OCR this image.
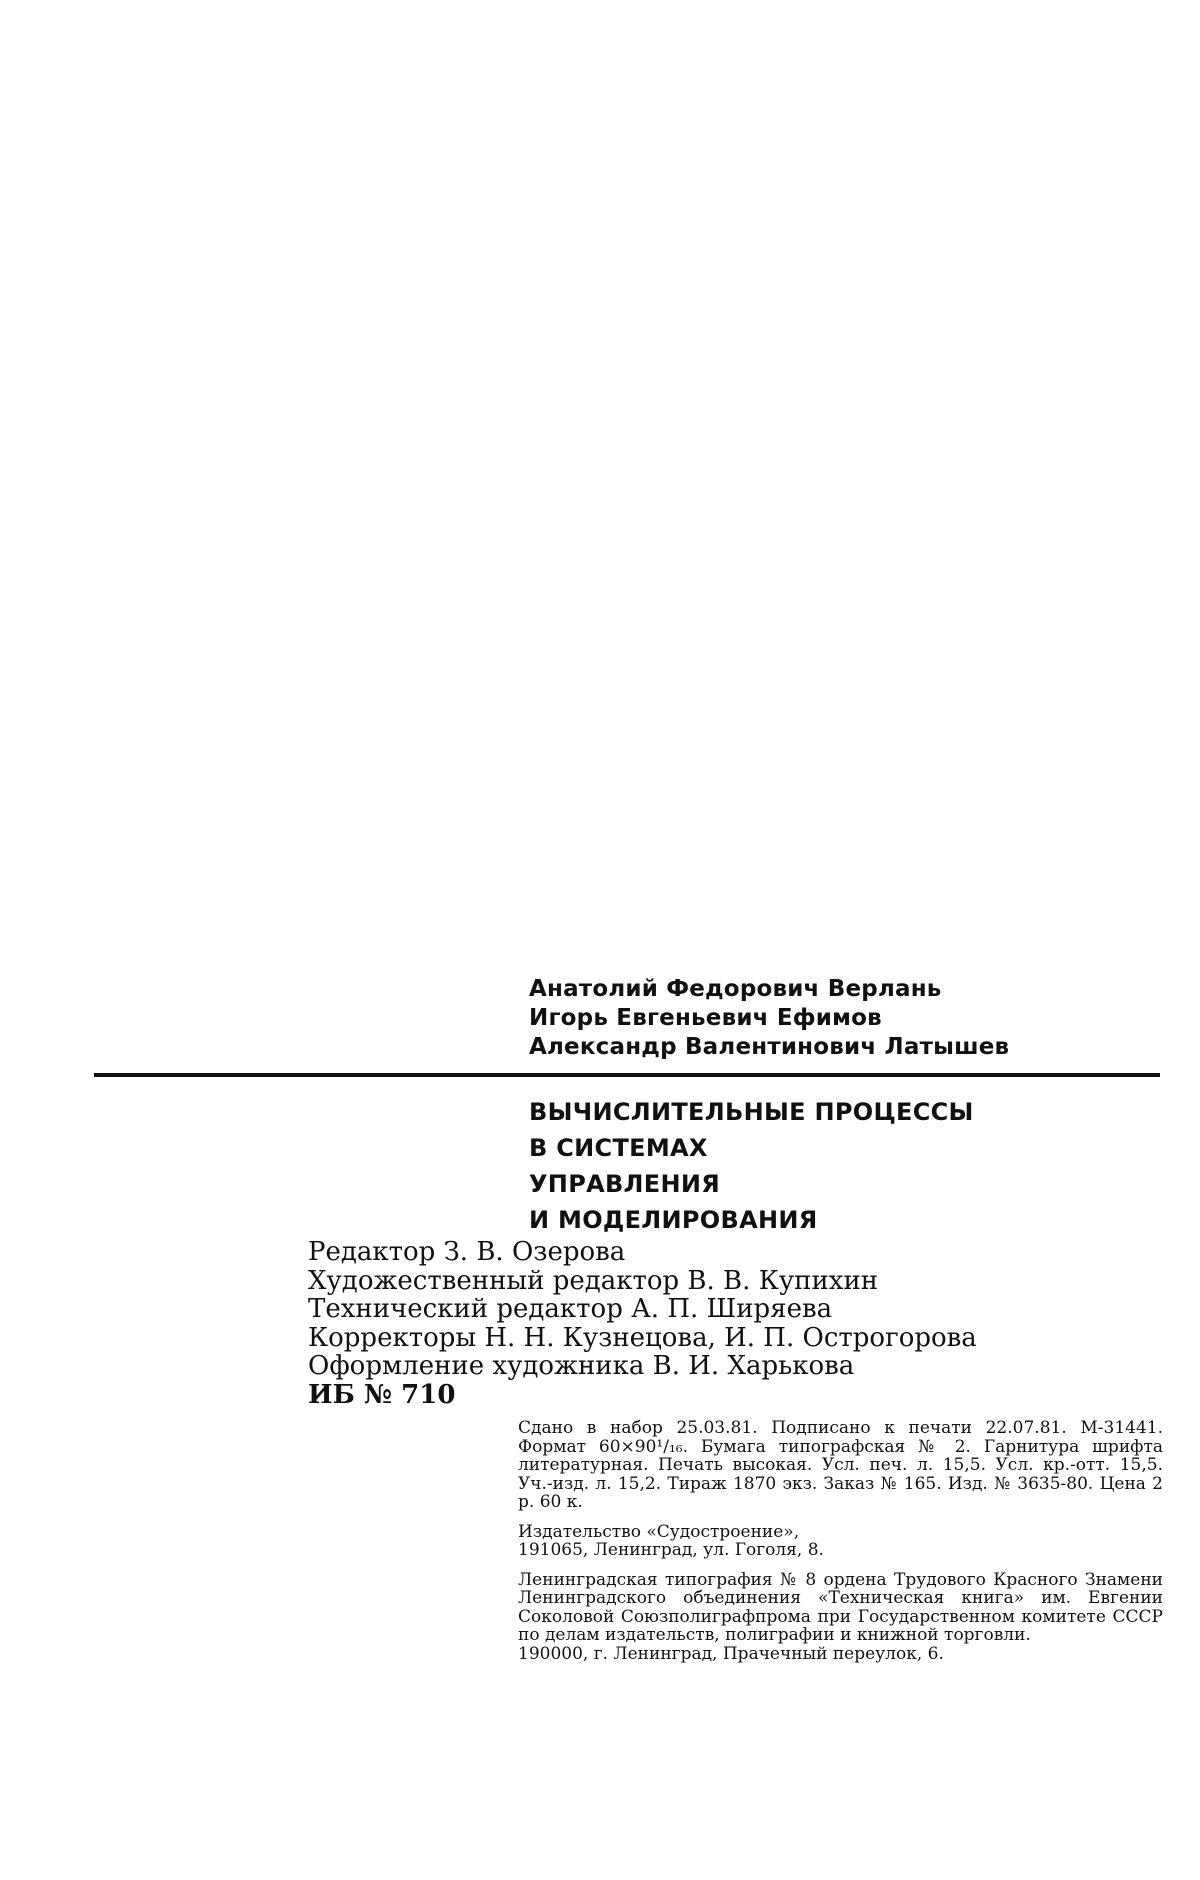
Анатолий Федорович Верлань
Игорь Евгеньевич Ефимов
Александр Валентинович Латышев
ВЫЧИСЛИТЕЛЬНЫЕ ПРОЦЕССЫ
В СИСТЕМАХ
УПРАВЛЕНИЯ
И МОДЕЛИРОВАНИЯ
Редактор З. В. Озерова
Художественный редактор В. В. Купихин
Технический редактор А. П. Ширяева
Корректоры Н. Н. Кузнецова, И. П. Острогорова
Оформление художника В. И. Харькова
ИБ № 710

Сдано в набор 25.03.81. Подписано к печати 22.07.81. М-31441. Формат 60×90¹/₁₆. Бумага типографская № 2. Гарнитура шрифта литературная. Печать высокая. Усл. печ. л. 15,5. Усл. кр.-отт. 15,5. Уч.-изд. л. 15,2. Тираж 1870 экз. Заказ № 165. Изд. № 3635-80. Цена 2 р. 60 к.

Издательство «Судостроение»,
191065, Ленинград, ул. Гоголя, 8.

Ленинградская типография № 8 ордена Трудового Красного Знамени Ленинградского объединения «Техническая книга» им. Евгении Соколовой Союзполиграфпрома при Государственном комитете СССР по делам издательств, полиграфии и книжной торговли.
190000, г. Ленинград, Прачечный переулок, 6.
